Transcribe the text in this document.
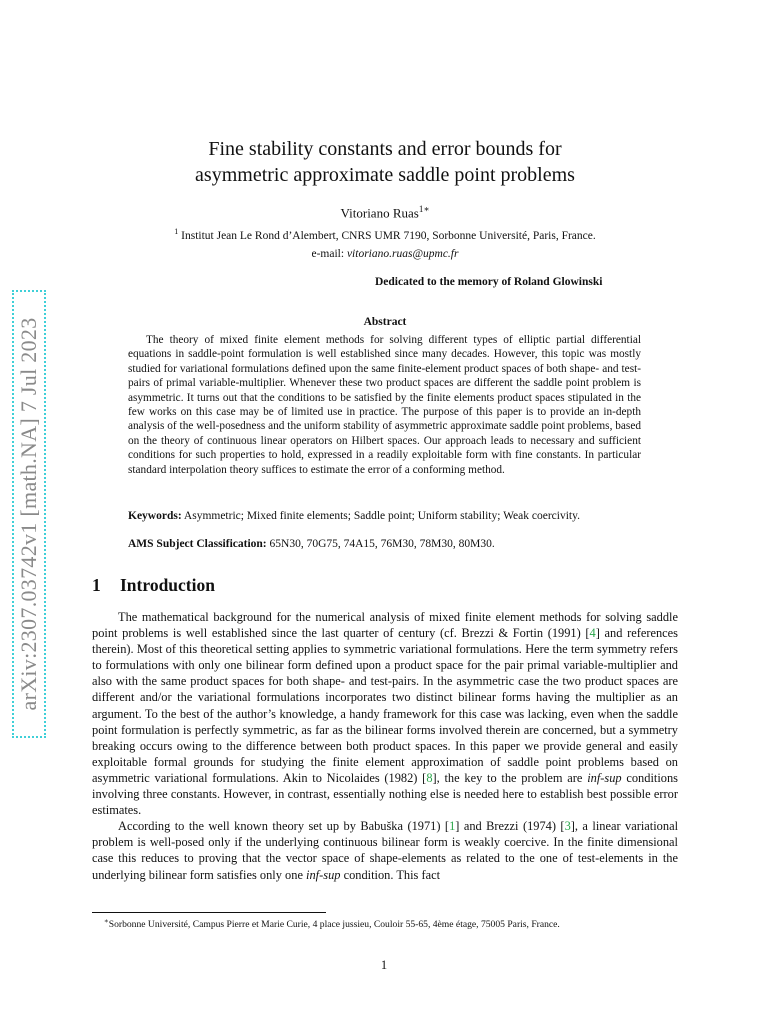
arXiv:2307.03742v1 [math.NA] 7 Jul 2023
Fine stability constants and error bounds for
asymmetric approximate saddle point problems
Vitoriano Ruas$^{1∗}$
$^1$ Institut Jean Le Rond d’Alembert, CNRS UMR 7190, Sorbonne Université, Paris, France.
e-mail: vitoriano.ruas@upmc.fr
Dedicated to the memory of Roland Glowinski
Abstract
The theory of mixed finite element methods for solving different types of elliptic partial differential equations in saddle-point formulation is well established since many decades. However, this topic was mostly studied for variational formulations defined upon the same finite-element product spaces of both shape- and test-pairs of primal variable-multiplier. Whenever these two product spaces are different the saddle point problem is asymmetric. It turns out that the conditions to be satisfied by the finite elements product spaces stipulated in the few works on this case may be of limited use in practice. The purpose of this paper is to provide an in-depth analysis of the well-posedness and the uniform stability of asymmetric approximate saddle point problems, based on the theory of continuous linear operators on Hilbert spaces. Our approach leads to necessary and sufficient conditions for such properties to hold, expressed in a readily exploitable form with fine constants. In particular standard interpolation theory suffices to estimate the error of a conforming method.
Keywords: Asymmetric; Mixed finite elements; Saddle point; Uniform stability; Weak coercivity.
AMS Subject Classification: 65N30, 70G75, 74A15, 76M30, 78M30, 80M30.
1 Introduction

The mathematical background for the numerical analysis of mixed finite element methods for solving saddle point problems is well established since the last quarter of century (cf. Brezzi & Fortin (1991) [4] and references therein). Most of this theoretical setting applies to symmetric variational formulations. Here the term symmetry refers to formulations with only one bilinear form defined upon a product space for the pair primal variable-multiplier and also with the same product spaces for both shape- and test-pairs. In the asymmetric case the two product spaces are different and/or the variational formulations incorporates two distinct bilinear forms having the multiplier as an argument. To the best of the author’s knowledge, a handy framework for this case was lacking, even when the saddle point formulation is perfectly symmetric, as far as the bilinear forms involved therein are concerned, but a symmetry breaking occurs owing to the difference between both product spaces. In this paper we provide general and easily exploitable formal grounds for studying the finite element approximation of saddle point problems based on asymmetric variational formulations. Akin to Nicolaides (1982) [8], the key to the problem are inf-sup conditions involving three constants. However, in contrast, essentially nothing else is needed here to establish best possible error estimates.

According to the well known theory set up by Babuška (1971) [1] and Brezzi (1974) [3], a linear variational problem is well-posed only if the underlying continuous bilinear form is weakly coercive. In the finite dimensional case this reduces to proving that the vector space of shape-elements as related to the one of test-elements in the underlying bilinear form satisfies only one inf-sup condition. This fact

∗Sorbonne Université, Campus Pierre et Marie Curie, 4 place jussieu, Couloir 55-65, 4ème étage, 75005 Paris, France.
1
